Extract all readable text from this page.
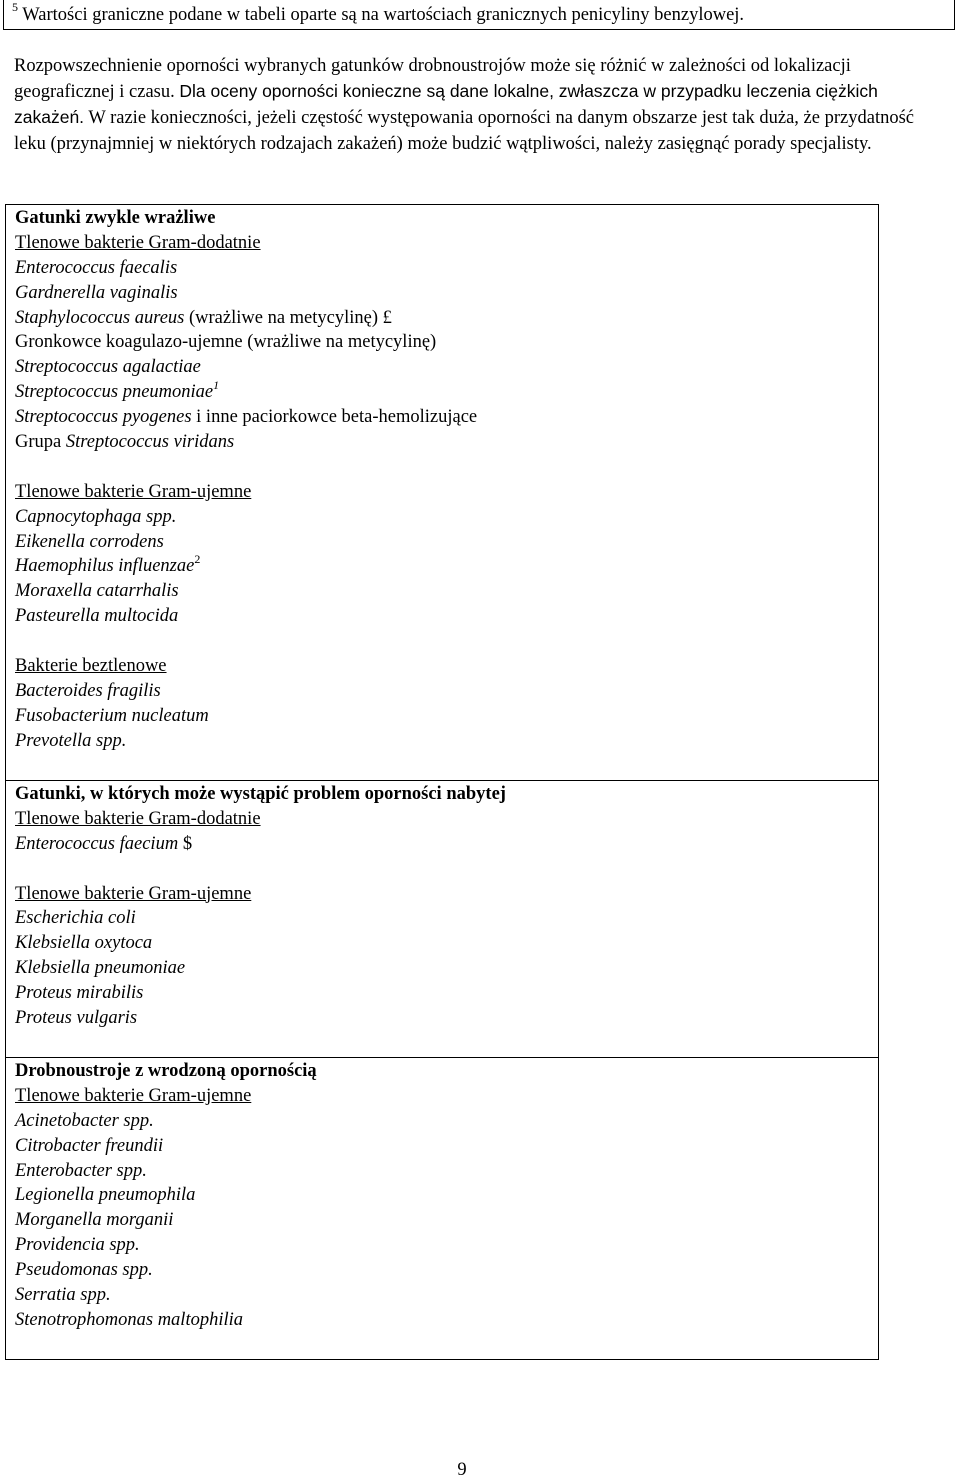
$^5$ Wartości graniczne podane w tabeli oparte są na wartościach granicznych penicyliny benzylowej.

Rozpowszechnienie oporności wybranych gatunków drobnoustrojów może się różnić w zależności od lokalizacji geograficznej i czasu. Dla oceny oporności konieczne są dane lokalne, zwłaszcza w przypadku leczenia ciężkich zakażeń. W razie konieczności, jeżeli częstość występowania oporności na danym obszarze jest tak duża, że przydatność leku (przynajmniej w niektórych rodzajach zakażeń) może budzić wątpliwości, należy zasięgnąć porady specjalisty.

Gatunki zwykle wrażliwe
Tlenowe bakterie Gram-dodatnie
Enterococcus faecalis
Gardnerella vaginalis
Staphylococcus aureus (wrażliwe na metycylinę) £
Gronkowce koagulazo-ujemne (wrażliwe na metycylinę)
Streptococcus agalactiae
Streptococcus pneumoniae$^1$
Streptococcus pyogenes i inne paciorkowce beta-hemolizujące
Grupa Streptococcus viridans
Tlenowe bakterie Gram-ujemne
Capnocytophaga spp.
Eikenella corrodens
Haemophilus influenzae$^2$
Moraxella catarrhalis
Pasteurella multocida
Bakterie beztlenowe
Bacteroides fragilis
Fusobacterium nucleatum
Prevotella spp.
Gatunki, w których może wystąpić problem oporności nabytej
Tlenowe bakterie Gram-dodatnie
Enterococcus faecium $
Tlenowe bakterie Gram-ujemne
Escherichia coli
Klebsiella oxytoca
Klebsiella pneumoniae
Proteus mirabilis
Proteus vulgaris
Drobnoustroje z wrodzoną opornością
Tlenowe bakterie Gram-ujemne
Acinetobacter spp.
Citrobacter freundii
Enterobacter spp.
Legionella pneumophila
Morganella morganii
Providencia spp.
Pseudomonas spp.
Serratia spp.
Stenotrophomonas maltophilia
9
